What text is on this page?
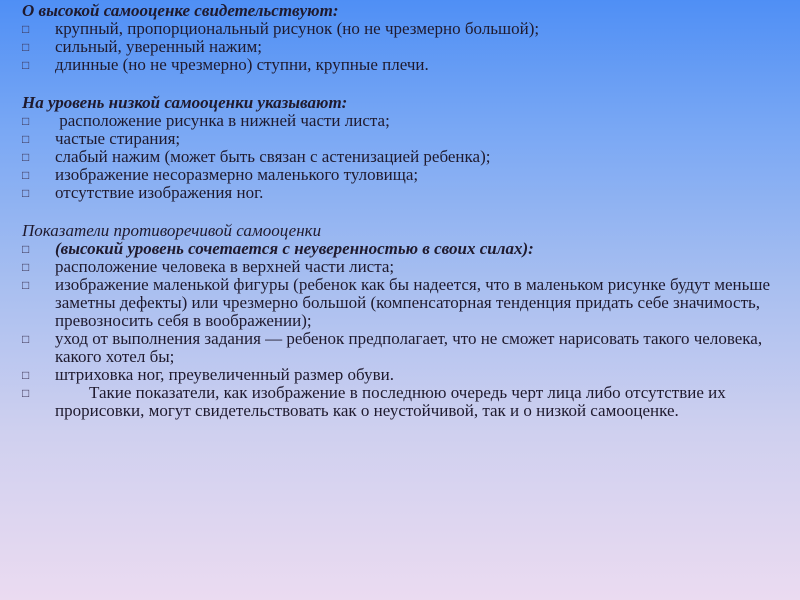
О высокой самооценке свидетельствуют:

□ крупный, пропорциональный рисунок (но не чрезмерно большой);
□ сильный, уверенный нажим;
□ длинные (но не чрезмерно) ступни, крупные плечи.

На уровень низкой самооценки указывают:

□ расположение рисунка в нижней части листа;
□ частые стирания;
□ слабый нажим (может быть связан с астенизацией ребенка);
□ изображение несоразмерно маленького туловища;
□ отсутствие изображения ног.

Показатели противоречивой самооценки

□ (высокий уровень сочетается с неуверенностью в своих силах):
□ расположение человека в верхней части листа;
□ изображение маленькой фигуры (ребенок как бы надеется, что в маленьком рисунке будут меньше заметны дефекты) или чрезмерно большой (компенсаторная тенденция придать себе значимость, превозносить себя в воображении);
□ уход от выполнения задания — ребенок предполагает, что не сможет нарисовать такого человека, какого хотел бы;
□ штриховка ног, преувеличенный размер обуви.
□ Такие показатели, как изображение в последнюю очередь черт лица либо отсутствие их прорисовки, могут свидетельствовать как о неустойчивой, так и о низкой самооценке.
